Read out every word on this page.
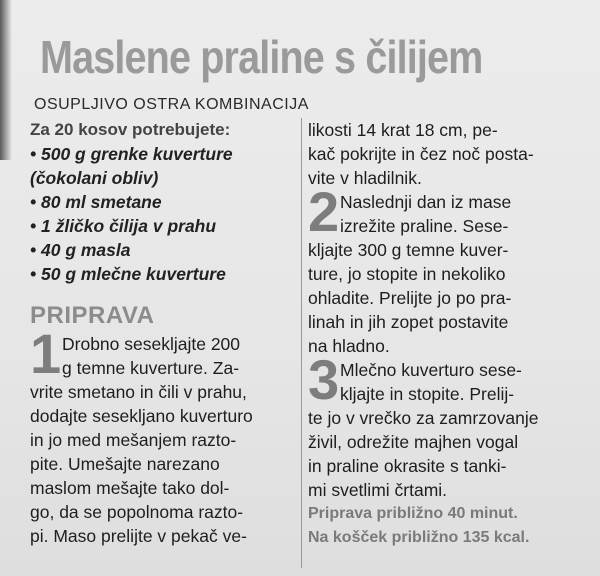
Maslene praline s čilijem
OSUPLJIVO OSTRA KOMBINACIJA
Za 20 kosov potrebujete:
• 500 g grenke kuverture
(čokolani obliv)
• 80 ml smetane
• 1 žličko čilija v prahu
• 40 g masla
• 50 g mlečne kuverture
PRIPRAVA
1 Drobno sesekljajte 200
g temne kuverture. Za-
vrite smetano in čili v prahu,
dodajte sesekljano kuverturo
in jo med mešanjem razto-
pite. Umešajte narezano
maslom mešajte tako dol-
go, da se popolnoma razto-
pi. Maso prelijte v pekač ve-
likosti 14 krat 18 cm, pe-
kač pokrijte in čez noč posta-
vite v hladilnik.
2 Naslednji dan iz mase
izrežite praline. Sese-
kljajte 300 g temne kuver-
ture, jo stopite in nekoliko
ohladite. Prelijte jo po pra-
linah in jih zopet postavite
na hladno.
3 Mlečno kuverturo sese-
kljajte in stopite. Prelij-
te jo v vrečko za zamrzovanje
živil, odrežite majhen vogal
in praline okrasite s tanki-
mi svetlimi črtami.
Priprava približno 40 minut.
Na košček približno 135 kcal.
